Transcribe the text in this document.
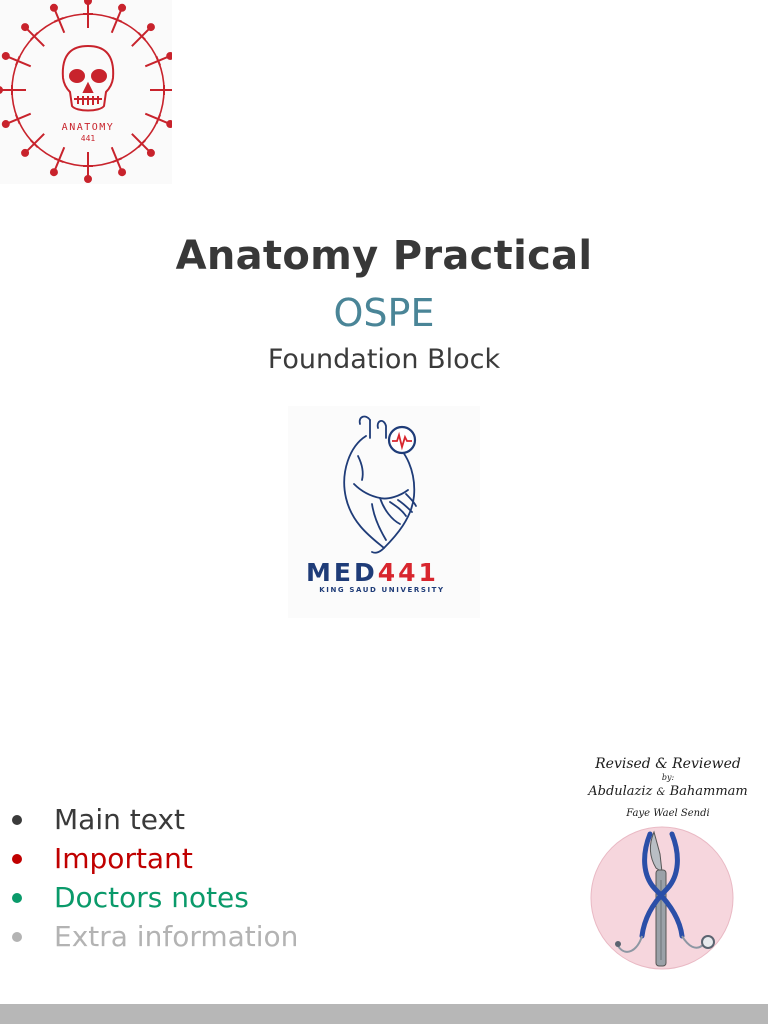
ANATOMY
441
Anatomy Practical
OSPE
Foundation Block
MED441
KING SAUD UNIVERSITY
Main text
Important
Doctors notes
Extra information
Revised & Reviewed
by:
Abdulaziz & Bahammam
Faye Wael Sendi
